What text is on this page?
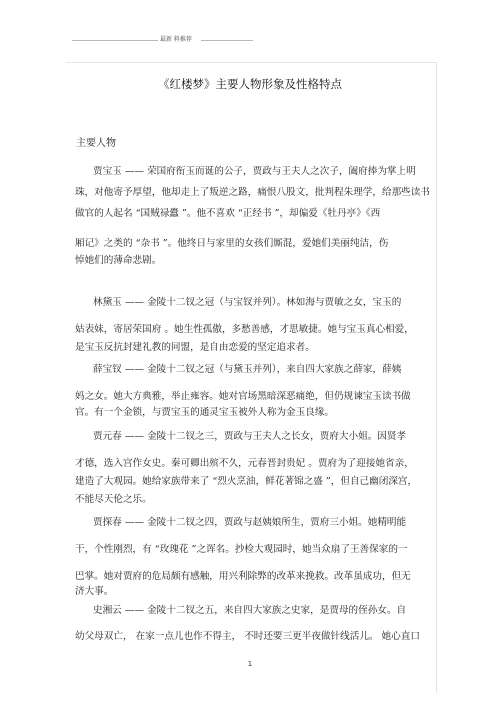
最新 料推荐
《红楼梦》主要人物形象及性格特点
主要人物
贾宝玉 —— 荣国府衔玉而诞的公子，贾政与王夫人之次子，阖府捧为掌上明
珠，对他寄予厚望，他却走上了叛逆之路，痛恨八股文，批判程朱理学，给那些读书
做官的人起名 “国贼禄蠹 ”。他不喜欢 “正经书 ”，却偏爱《牡丹亭》《西
厢记》之类的 “杂书 ”。他终日与家里的女孩们厮混，爱她们美丽纯洁，伤
悼她们的薄命悲剧。
林黛玉 —— 金陵十二钗之冠（与宝钗并列）。林如海与贾敏之女，宝玉的
姑表妹，寄居荣国府 。她生性孤傲，多愁善感，才思敏捷。她与宝玉真心相爱，
是宝玉反抗封建礼教的同盟，是自由恋爱的坚定追求者。
薛宝钗 —— 金陵十二钗之冠（与黛玉并列），来自四大家族之薛家，薛姨
妈之女。她大方典雅，举止雍容。她对官场黑暗深恶痛绝，但仍规谏宝玉读书做
官。有一个金锁，与贾宝玉的通灵宝玉被外人称为金玉良缘。
贾元春 —— 金陵十二钗之三，贾政与王夫人之长女，贾府大小姐。因贤孝
才德，选入宫作女史。秦可卿出殡不久，元春晋封贵妃 。贾府为了迎接她省亲，
建造了大观园。她给家族带来了 “烈火烹油，鲜花著锦之盛 ”，但自己幽闭深宫，
不能尽天伦之乐。
贾探春 —— 金陵十二钗之四，贾政与赵姨娘所生，贾府三小姐。她精明能
干，个性刚烈，有 “玫瑰花 ”之诨名。抄检大观园时，她当众扇了王善保家的一
巴掌。她对贾府的危局颇有感触，用兴利除弊的改革来挽救。改革虽成功，但无
济大事。
史湘云 —— 金陵十二钗之五，来自四大家族之史家，是贾母的侄孙女。自
幼父母双亡， 在家一点儿也作不得主， 不时还要三更半夜做针线活儿。 她心直口
1
